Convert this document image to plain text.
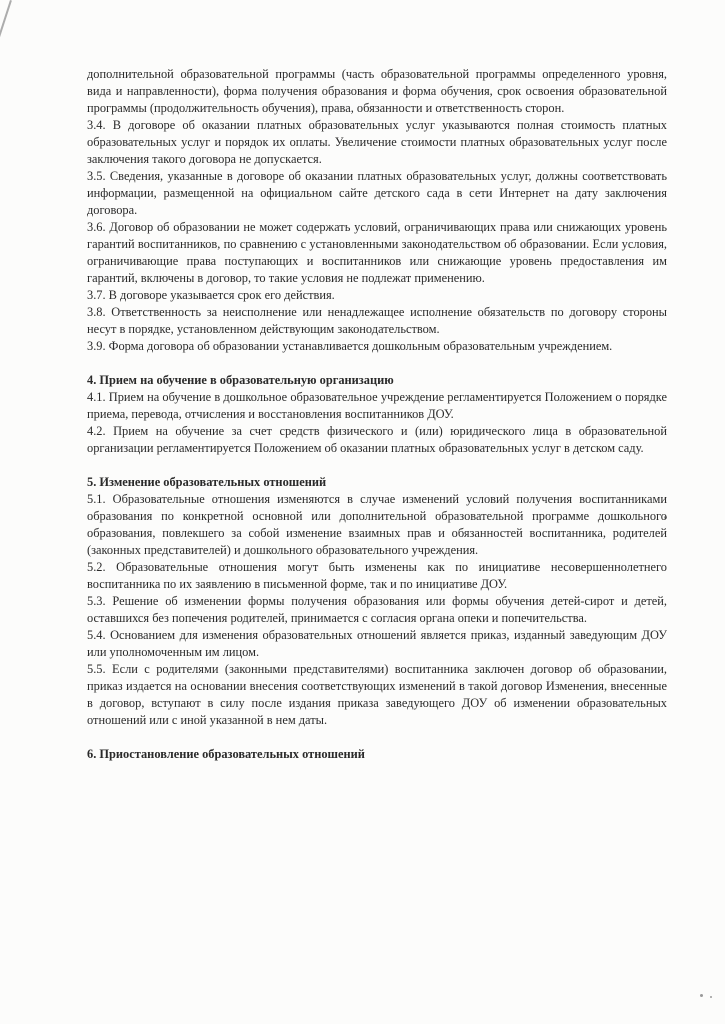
дополнительной образовательной программы (часть образовательной программы определенного уровня, вида и направленности), форма получения образования и форма обучения, срок освоения образовательной программы (продолжительность обучения), права, обязанности и ответственность сторон.

3.4. В договоре об оказании платных образовательных услуг указываются полная стоимость платных образовательных услуг и порядок их оплаты. Увеличение стоимости платных образовательных услуг после заключения такого договора не допускается.

3.5. Сведения, указанные в договоре об оказании платных образовательных услуг, должны соответствовать информации, размещенной на официальном сайте детского сада в сети Интернет на дату заключения договора.

3.6. Договор об образовании не может содержать условий, ограничивающих права или снижающих уровень гарантий воспитанников, по сравнению с установленными законодательством об образовании. Если условия, ограничивающие права поступающих и воспитанников или снижающие уровень предоставления им гарантий, включены в договор, то такие условия не подлежат применению.

3.7. В договоре указывается срок его действия.

3.8. Ответственность за неисполнение или ненадлежащее исполнение обязательств по договору стороны несут в порядке, установленном действующим законодательством.

3.9. Форма договора об образовании устанавливается дошкольным образовательным учреждением.

4. Прием на обучение в образовательную организацию

4.1. Прием на обучение в дошкольное образовательное учреждение регламентируется Положением о порядке приема, перевода, отчисления и восстановления воспитанников ДОУ.

4.2. Прием на обучение за счет средств физического и (или) юридического лица в образовательной организации регламентируется Положением об оказании платных образовательных услуг в детском саду.

5. Изменение образовательных отношений

5.1. Образовательные отношения изменяются в случае изменений условий получения воспитанниками образования по конкретной основной или дополнительной образовательной программе дошкольного образования, повлекшего за собой изменение взаимных прав и обязанностей воспитанника, родителей (законных представителей) и дошкольного образовательного учреждения.

5.2. Образовательные отношения могут быть изменены как по инициативе несовершеннолетнего воспитанника по их заявлению в письменной форме, так и по инициативе ДОУ.

5.3. Решение об изменении формы получения образования или формы обучения детей-сирот и детей, оставшихся без попечения родителей, принимается с согласия органа опеки и попечительства.

5.4. Основанием для изменения образовательных отношений является приказ, изданный заведующим ДОУ или уполномоченным им лицом.

5.5. Если с родителями (законными представителями) воспитанника заключен договор об образовании, приказ издается на основании внесения соответствующих изменений в такой договор Изменения, внесенные в договор, вступают в силу после издания приказа заведующего ДОУ об изменении образовательных отношений или с иной указанной в нем даты.

6. Приостановление образовательных отношений
